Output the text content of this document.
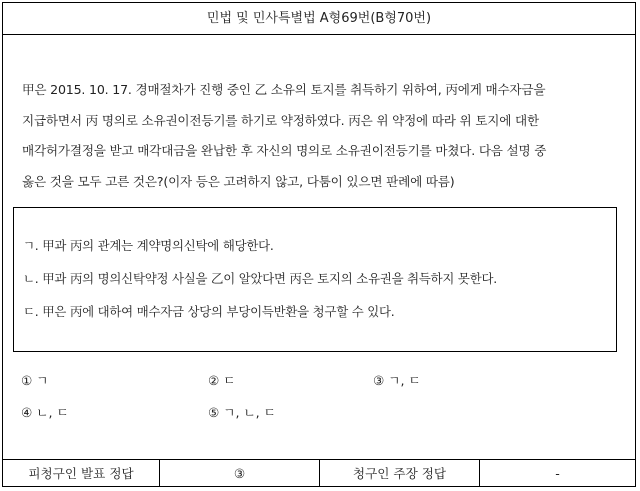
민법 및 민사특별법 A형69번(B형70번)
甲은 2015. 10. 17. 경매절차가 진행 중인 乙 소유의 토지를 취득하기 위하여, 丙에게 매수자금을
지급하면서 丙 명의로 소유권이전등기를 하기로 약정하였다. 丙은 위 약정에 따라 위 토지에 대한
매각허가결정을 받고 매각대금을 완납한 후 자신의 명의로 소유권이전등기를 마쳤다. 다음 설명 중
옳은 것을 모두 고른 것은?(이자 등은 고려하지 않고, 다툼이 있으면 판례에 따름)
ㄱ. 甲과 丙의 관계는 계약명의신탁에 해당한다.
ㄴ. 甲과 丙의 명의신탁약정 사실을 乙이 알았다면 丙은 토지의 소유권을 취득하지 못한다.
ㄷ. 甲은 丙에 대하여 매수자금 상당의 부당이득반환을 청구할 수 있다.
① ㄱ	② ㄷ	③ ㄱ, ㄷ
④ ㄴ, ㄷ	⑤ ㄱ, ㄴ, ㄷ
피청구인 발표 정답	③	청구인 주장 정답	-
